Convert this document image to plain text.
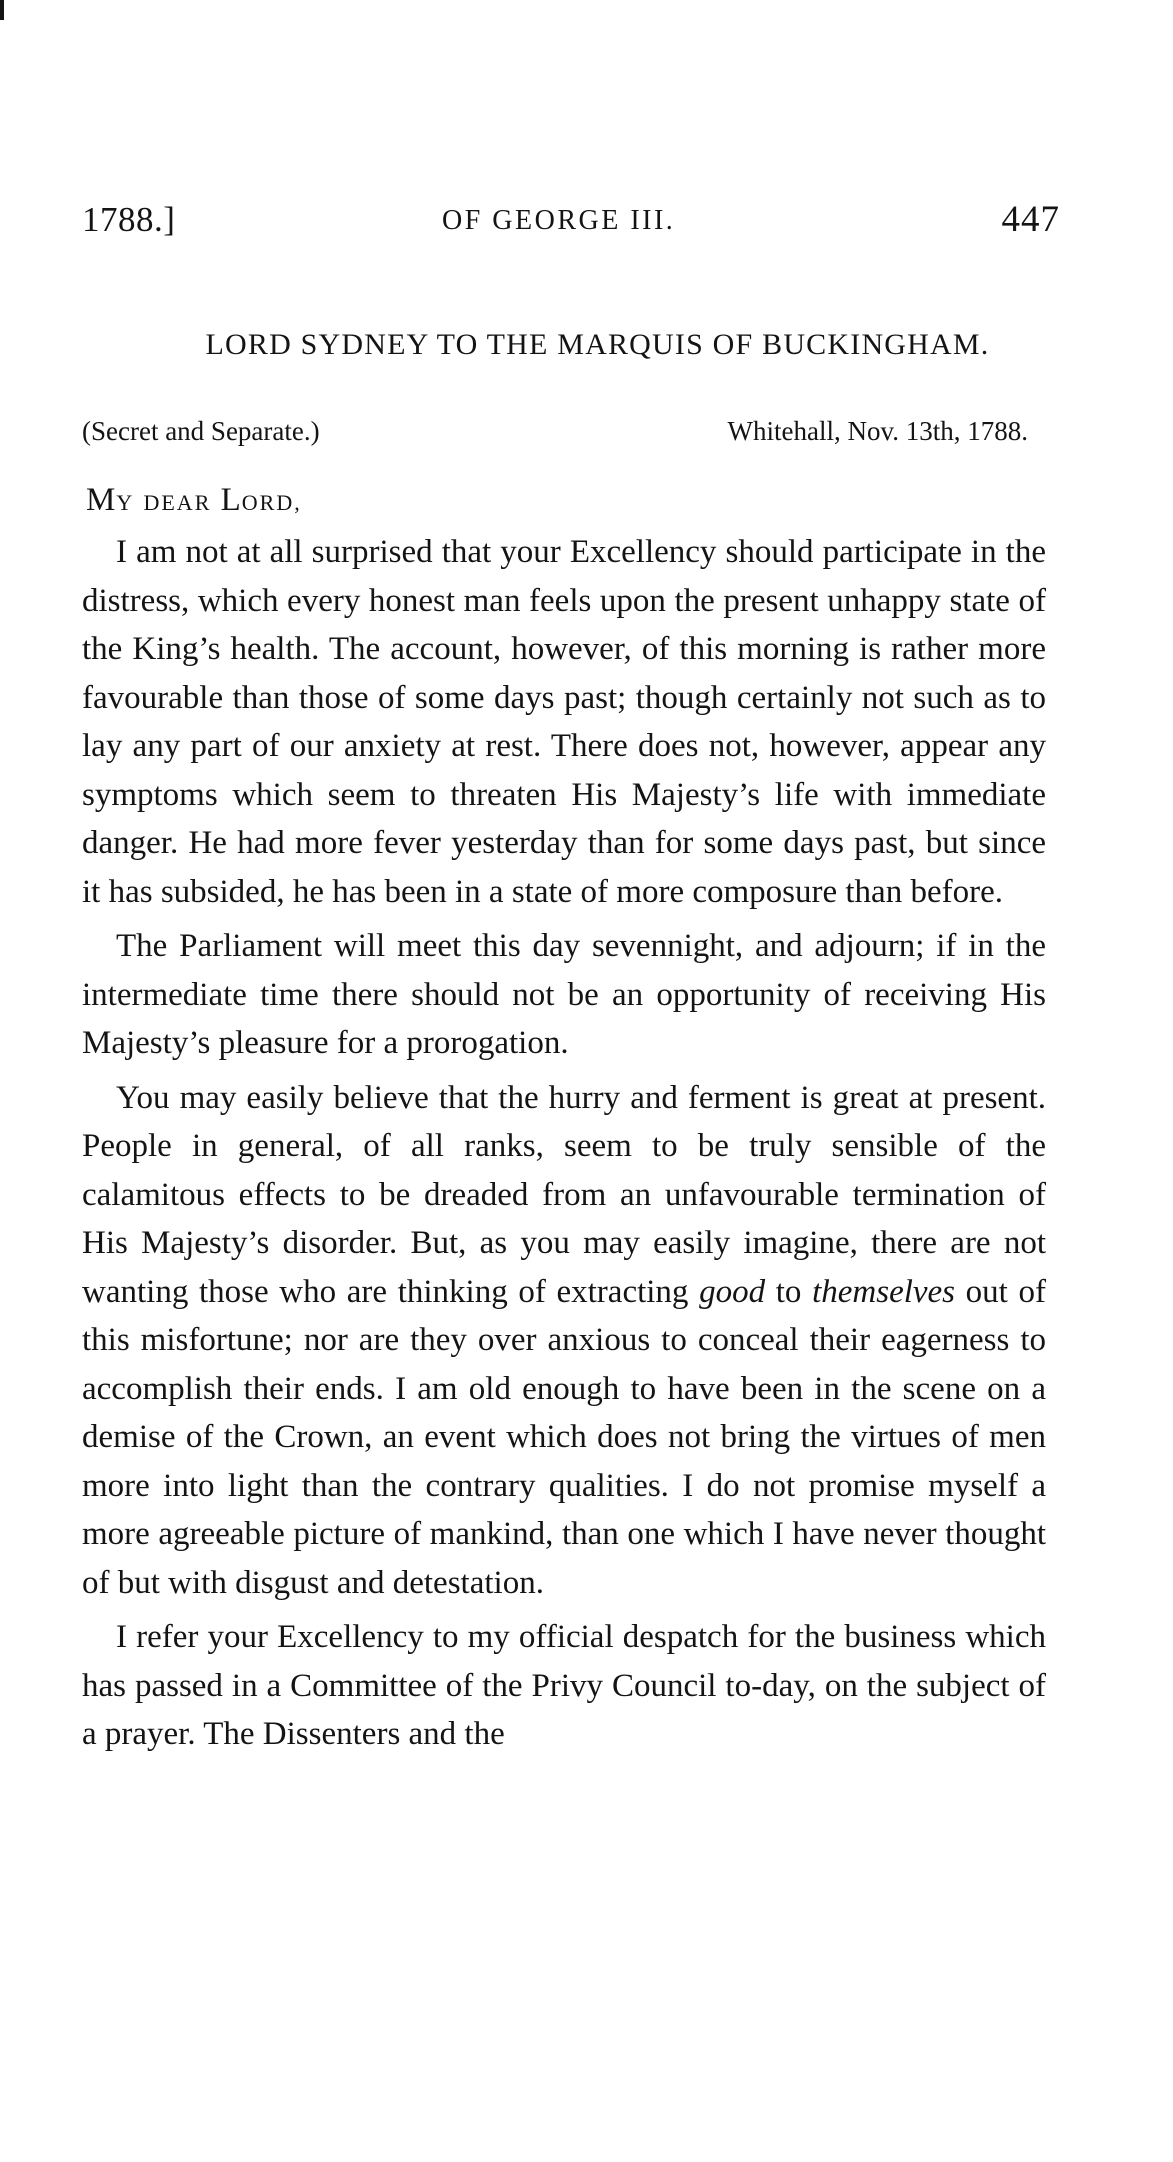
1788.]	OF GEORGE III.	447
LORD SYDNEY TO THE MARQUIS OF BUCKINGHAM.
(Secret and Separate.)	Whitehall, Nov. 13th, 1788.
MY DEAR LORD,

I am not at all surprised that your Excellency should participate in the distress, which every honest man feels upon the present unhappy state of the King’s health. The account, however, of this morning is rather more favourable than those of some days past; though certainly not such as to lay any part of our anxiety at rest. There does not, however, appear any symptoms which seem to threaten His Majesty’s life with immediate danger. He had more fever yesterday than for some days past, but since it has subsided, he has been in a state of more composure than before.

The Parliament will meet this day sevennight, and adjourn; if in the intermediate time there should not be an opportunity of receiving His Majesty’s pleasure for a prorogation.

You may easily believe that the hurry and ferment is great at present. People in general, of all ranks, seem to be truly sensible of the calamitous effects to be dreaded from an unfavourable termination of His Majesty’s disorder. But, as you may easily imagine, there are not wanting those who are thinking of extracting good to themselves out of this misfortune; nor are they over anxious to conceal their eagerness to accomplish their ends. I am old enough to have been in the scene on a demise of the Crown, an event which does not bring the virtues of men more into light than the contrary qualities. I do not promise myself a more agreeable picture of mankind, than one which I have never thought of but with disgust and detestation.

I refer your Excellency to my official despatch for the business which has passed in a Committee of the Privy Council to-day, on the subject of a prayer. The Dissenters and the
